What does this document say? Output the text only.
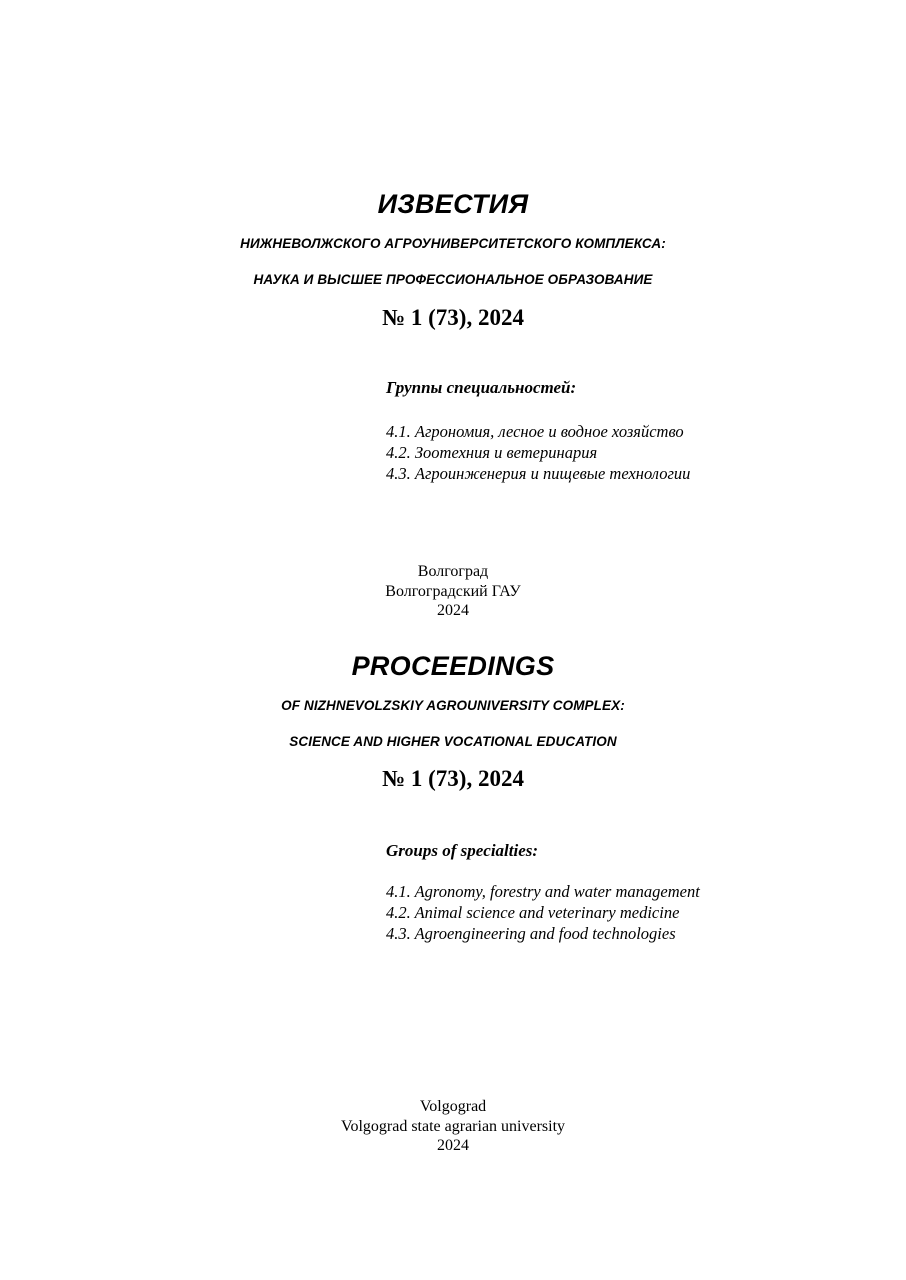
ИЗВЕСТИЯ
НИЖНЕВОЛЖСКОГО АГРОУНИВЕРСИТЕТСКОГО КОМПЛЕКСА:
НАУКА И ВЫСШЕЕ ПРОФЕССИОНАЛЬНОЕ ОБРАЗОВАНИЕ
№ 1 (73), 2024
Группы специальностей:
4.1. Агрономия, лесное и водное хозяйство
4.2. Зоотехния и ветеринария
4.3. Агроинженерия и пищевые технологии
Волгоград
Волгоградский ГАУ
2024
PROCEEDINGS
OF NIZHNEVOLZSKIY AGROUNIVERSITY COMPLEX:
SCIENCE AND HIGHER VOCATIONAL EDUCATION
№ 1 (73), 2024
Groups of specialties:
4.1. Agronomy, forestry and water management
4.2. Animal science and veterinary medicine
4.3. Agroengineering and food technologies
Volgograd
Volgograd state agrarian university
2024
